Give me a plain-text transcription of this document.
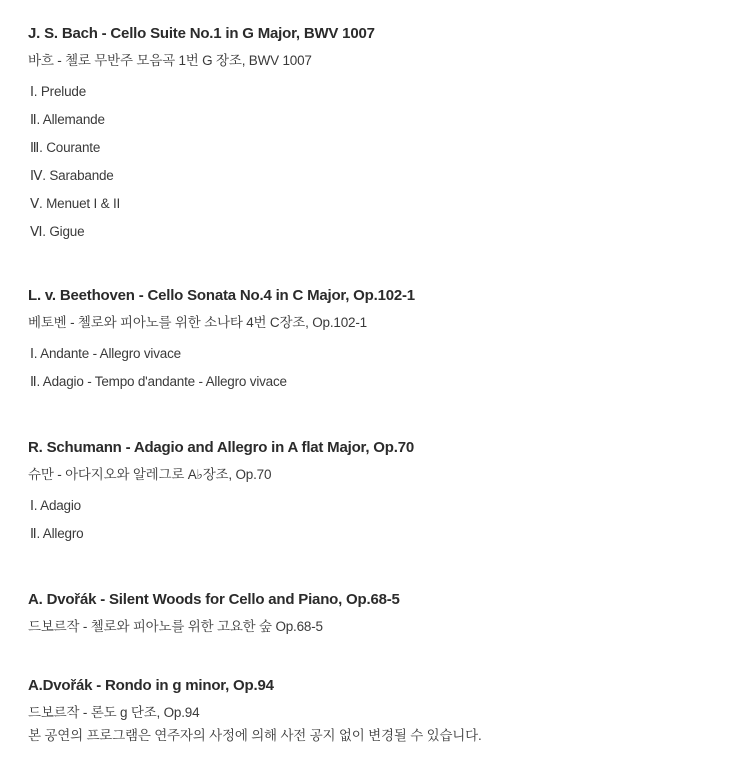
J. S. Bach - Cello Suite No.1 in G Major, BWV 1007
바흐 - 첼로 무반주 모음곡 1번 G 장조, BWV 1007
Ⅰ. Prelude
Ⅱ. Allemande
Ⅲ. Courante
Ⅳ. Sarabande
Ⅴ. Menuet I & II
Ⅵ. Gigue
L. v. Beethoven - Cello Sonata No.4 in C Major, Op.102-1
베토벤 - 첼로와 피아노를 위한 소나타 4번 C장조, Op.102-1
Ⅰ. Andante - Allegro vivace
Ⅱ. Adagio - Tempo d'andante - Allegro vivace
R. Schumann - Adagio and Allegro in A flat Major, Op.70
슈만 - 아다지오와 알레그로 A♭장조, Op.70
Ⅰ. Adagio
Ⅱ. Allegro
A. Dvořák - Silent Woods for Cello and Piano, Op.68-5
드보르작 - 첼로와 피아노를 위한 고요한 숲 Op.68-5
A.Dvořák - Rondo in g minor, Op.94
드보르작 - 론도 g 단조, Op.94
본 공연의 프로그램은 연주자의 사정에 의해 사전 공지 없이 변경될 수 있습니다.
